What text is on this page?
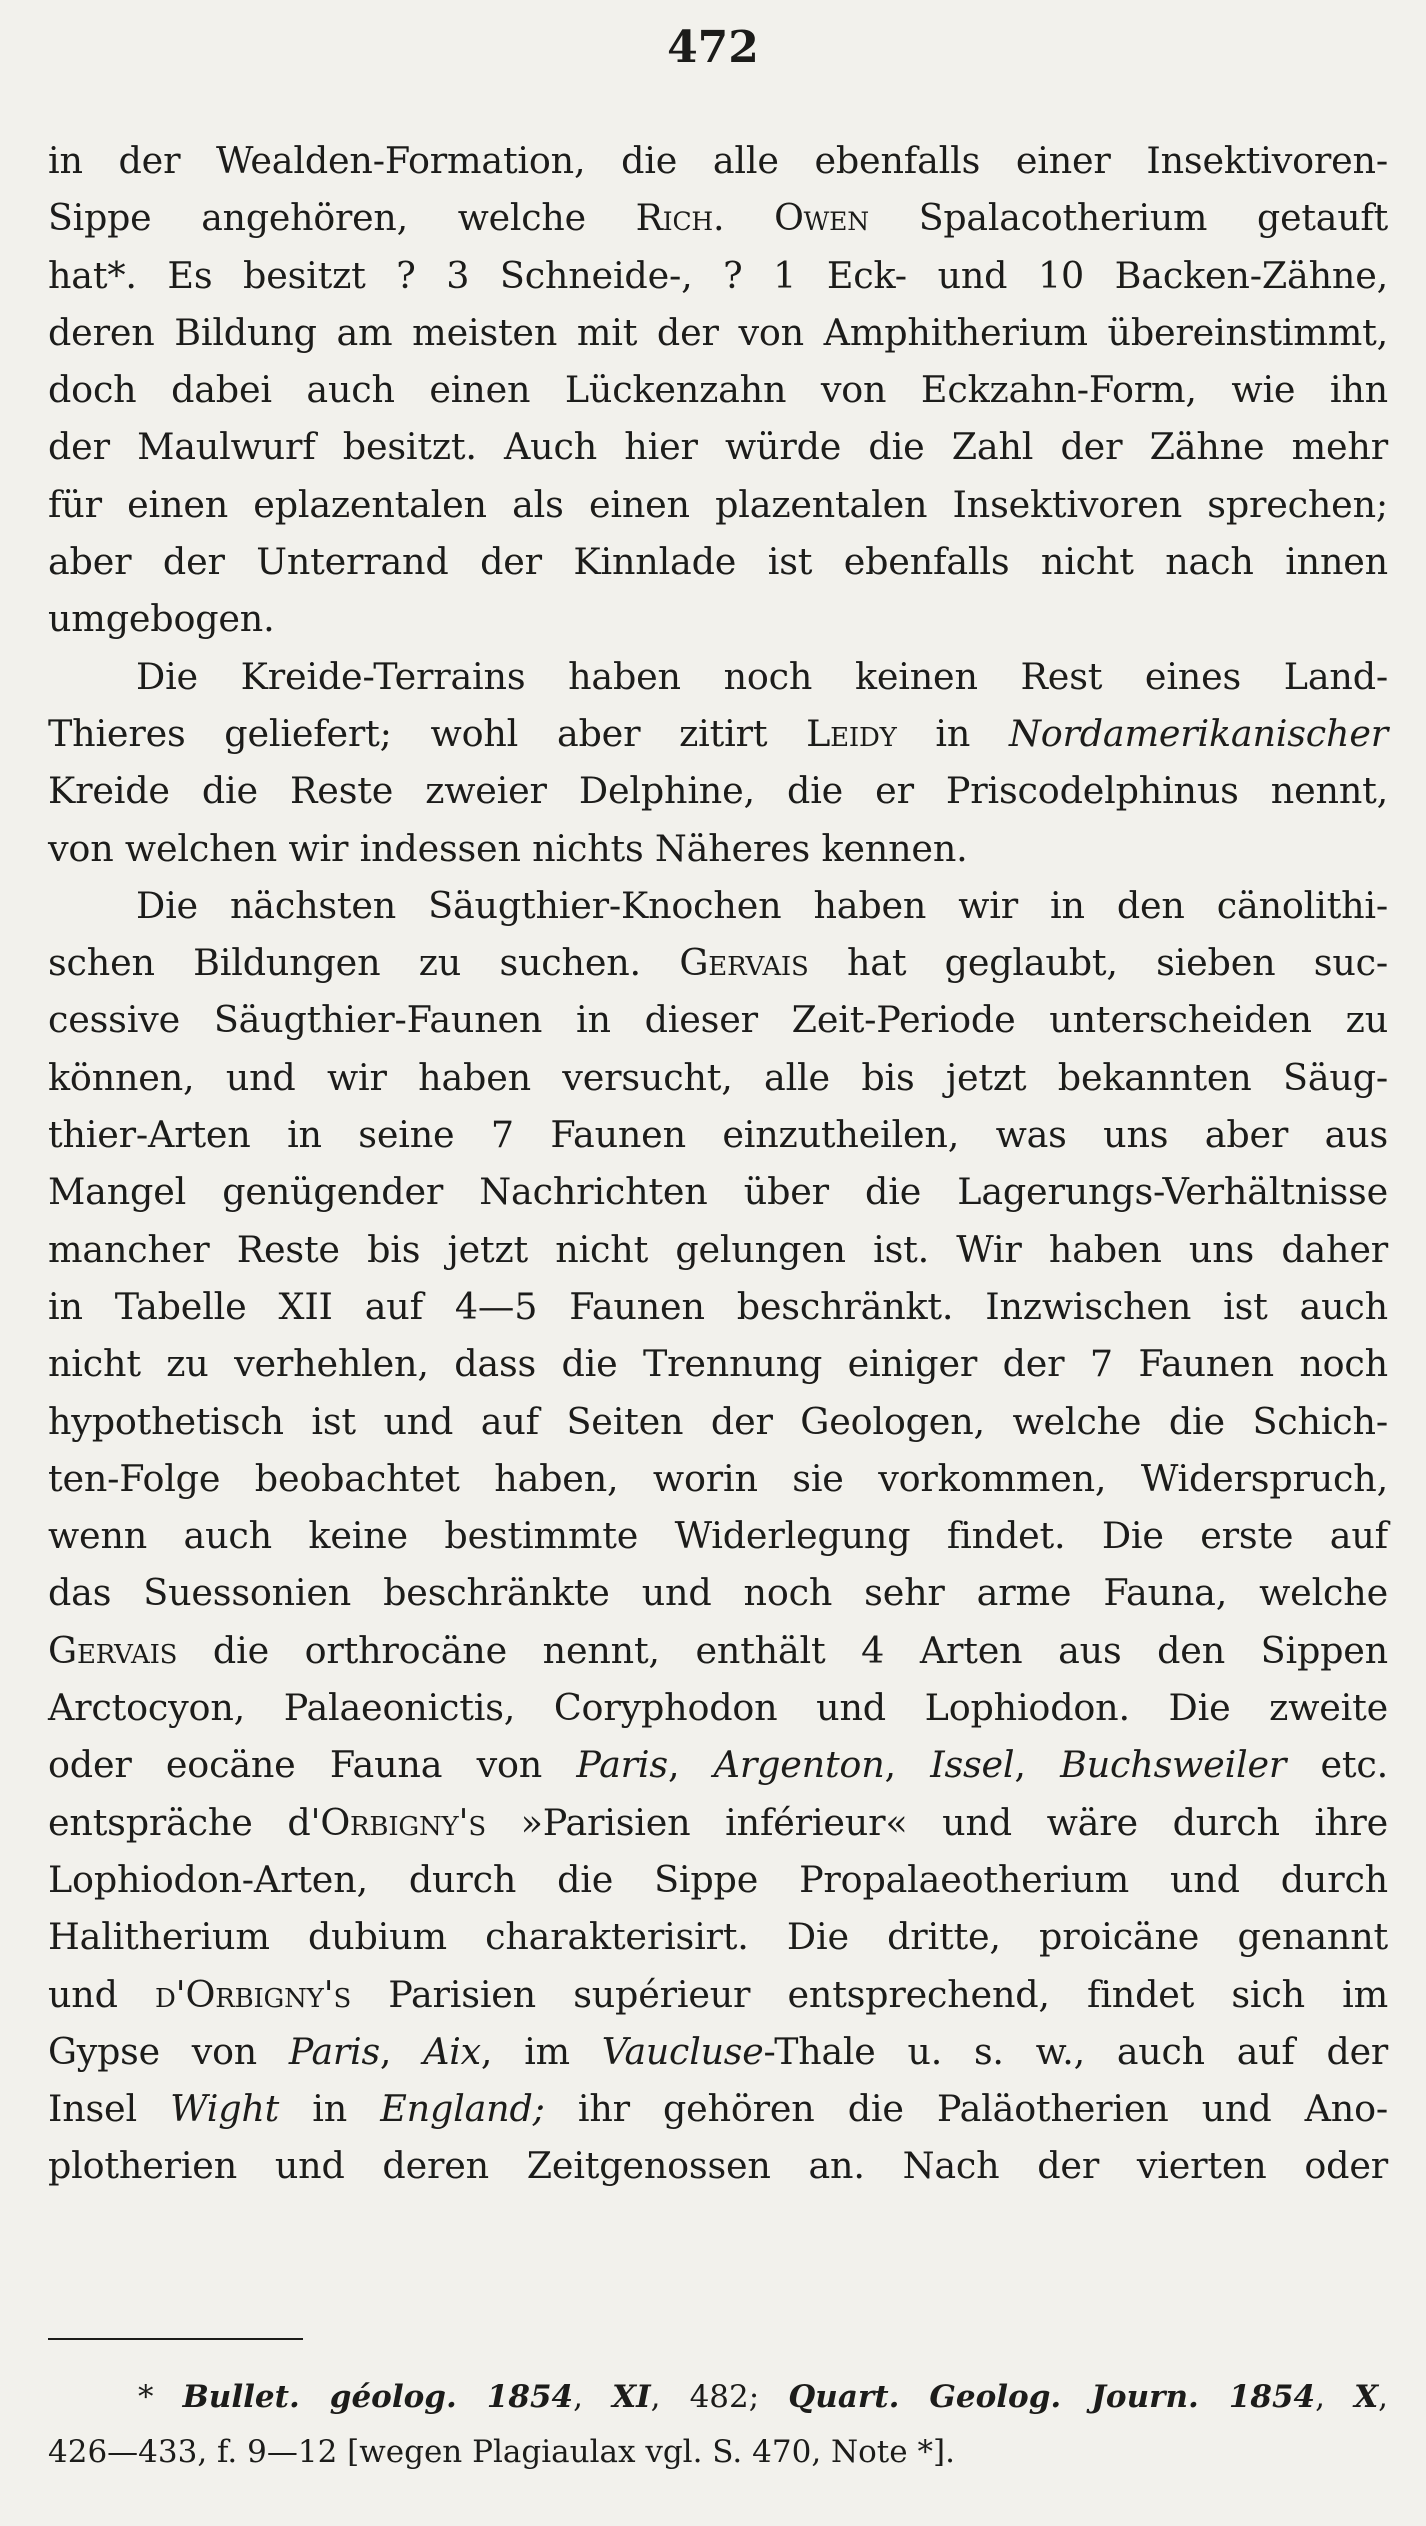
472
in der Wealden-Formation, die alle ebenfalls einer Insektivoren-
Sippe angehören, welche Rich. Owen Spalacotherium getauft
hat*. Es besitzt ? 3 Schneide-, ? 1 Eck- und 10 Backen-Zähne,
deren Bildung am meisten mit der von Amphitherium übereinstimmt,
doch dabei auch einen Lückenzahn von Eckzahn-Form, wie ihn
der Maulwurf besitzt. Auch hier würde die Zahl der Zähne mehr
für einen eplazentalen als einen plazentalen Insektivoren sprechen;
aber der Unterrand der Kinnlade ist ebenfalls nicht nach innen
umgebogen.
Die Kreide-Terrains haben noch keinen Rest eines Land-
Thieres geliefert; wohl aber zitirt Leidy in Nordamerikanischer
Kreide die Reste zweier Delphine, die er Priscodelphinus nennt,
von welchen wir indessen nichts Näheres kennen.
Die nächsten Säugthier-Knochen haben wir in den cänolithi-
schen Bildungen zu suchen. Gervais hat geglaubt, sieben suc-
cessive Säugthier-Faunen in dieser Zeit-Periode unterscheiden zu
können, und wir haben versucht, alle bis jetzt bekannten Säug-
thier-Arten in seine 7 Faunen einzutheilen, was uns aber aus
Mangel genügender Nachrichten über die Lagerungs-Verhältnisse
mancher Reste bis jetzt nicht gelungen ist. Wir haben uns daher
in Tabelle XII auf 4—5 Faunen beschränkt. Inzwischen ist auch
nicht zu verhehlen, dass die Trennung einiger der 7 Faunen noch
hypothetisch ist und auf Seiten der Geologen, welche die Schich-
ten-Folge beobachtet haben, worin sie vorkommen, Widerspruch,
wenn auch keine bestimmte Widerlegung findet. Die erste auf
das Suessonien beschränkte und noch sehr arme Fauna, welche
Gervais die orthrocäne nennt, enthält 4 Arten aus den Sippen
Arctocyon, Palaeonictis, Coryphodon und Lophiodon. Die zweite
oder eocäne Fauna von Paris, Argenton, Issel, Buchsweiler etc.
entspräche d'Orbigny's »Parisien inférieur« und wäre durch ihre
Lophiodon-Arten, durch die Sippe Propalaeotherium und durch
Halitherium dubium charakterisirt. Die dritte, proicäne genannt
und d'Orbigny's Parisien supérieur entsprechend, findet sich im
Gypse von Paris, Aix, im Vaucluse-Thale u. s. w., auch auf der
Insel Wight in England; ihr gehören die Paläotherien und Ano-
plotherien und deren Zeitgenossen an. Nach der vierten oder
* Bullet. géolog. 1854, XI, 482; Quart. Geolog. Journ. 1854, X,
426—433, f. 9—12 [wegen Plagiaulax vgl. S. 470, Note *].
